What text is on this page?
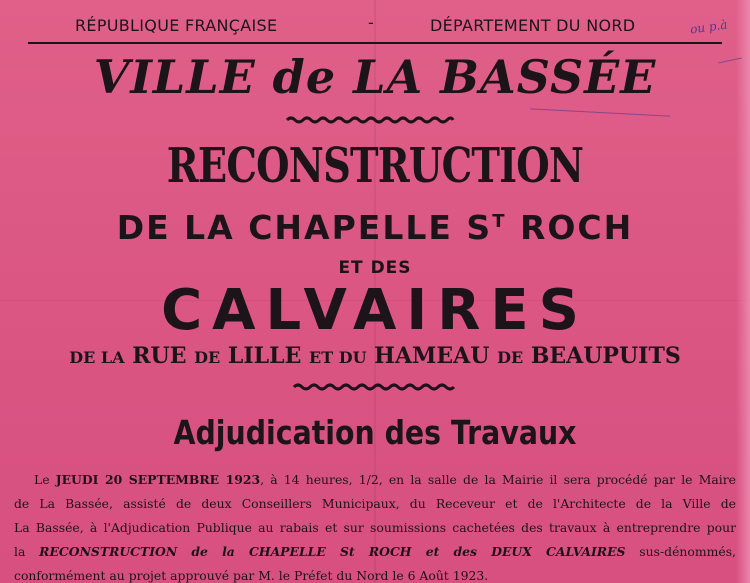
RÉPUBLIQUE FRANÇAISE	-	DÉPARTEMENT DU NORD	ou p.à
VILLE de LA BASSÉE
RECONSTRUCTION
DE LA CHAPELLE $S^T$ ROCH
ET DES
CALVAIRES
DE LA RUE DE LILLE ET DU HAMEAU DE BEAUPUITS
Adjudication des Travaux

Le JEUDI 20 SEPTEMBRE 1923, à 14 heures, 1/2, en la salle de la Mairie il sera procédé par le Maire

de La Bassée, assisté de deux Conseillers Municipaux, du Receveur et de l'Architecte de la Ville de

La Bassée, à l'Adjudication Publique au rabais et sur soumissions cachetées des travaux à entreprendre pour

la RECONSTRUCTION de la CHAPELLE St ROCH et des DEUX CALVAIRES sus-dénommés,

conformément au projet approuvé par M. le Préfet du Nord le 6 Août 1923.
